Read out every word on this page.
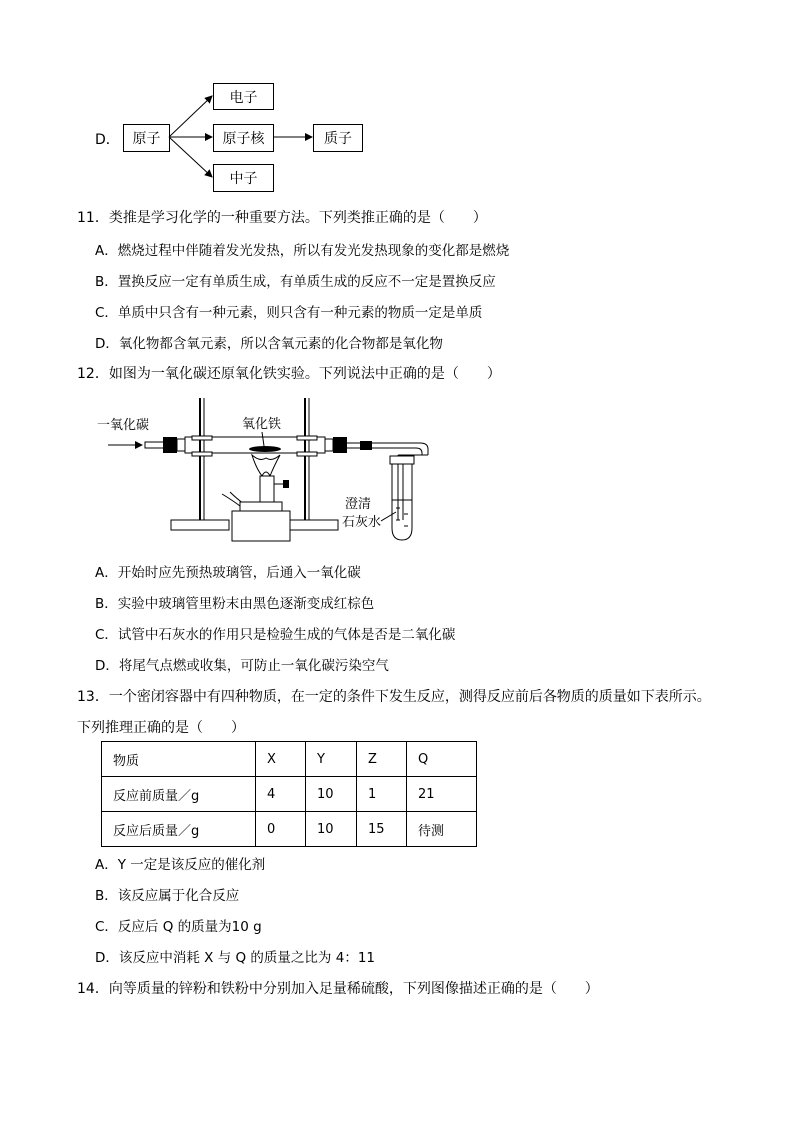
D． 原子
电子
原子核	质子
中子
11．类推是学习化学的一种重要方法。下列类推正确的是（　　）
A．燃烧过程中伴随着发光发热，所以有发光发热现象的变化都是燃烧
B．置换反应一定有单质生成，有单质生成的反应不一定是置换反应
C．单质中只含有一种元素，则只含有一种元素的物质一定是单质
D．氧化物都含氧元素，所以含氧元素的化合物都是氧化物
12．如图为一氧化碳还原氧化铁实验。下列说法中正确的是（　　）
一氧化碳
澄清
石灰水
氧化铁
A．开始时应先预热玻璃管，后通入一氧化碳
B．实验中玻璃管里粉末由黑色逐渐变成红棕色
C．试管中石灰水的作用只是检验生成的气体是否是二氧化碳
D．将尾气点燃或收集，可防止一氧化碳污染空气
13．一个密闭容器中有四种物质，在一定的条件下发生反应，测得反应前后各物质的质量如下表所示。
下列推理正确的是（　　）
物质	X	Y	Z	Q
反应前质量／g	4	10	1	21
反应后质量／g	0	10	15	待测
A．Y 一定是该反应的催化剂
B．该反应属于化合反应
C．反应后 Q 的质量为10 g
D．该反应中消耗 X 与 Q 的质量之比为 4：11
14．向等质量的锌粉和铁粉中分别加入足量稀硫酸，下列图像描述正确的是（　　）
